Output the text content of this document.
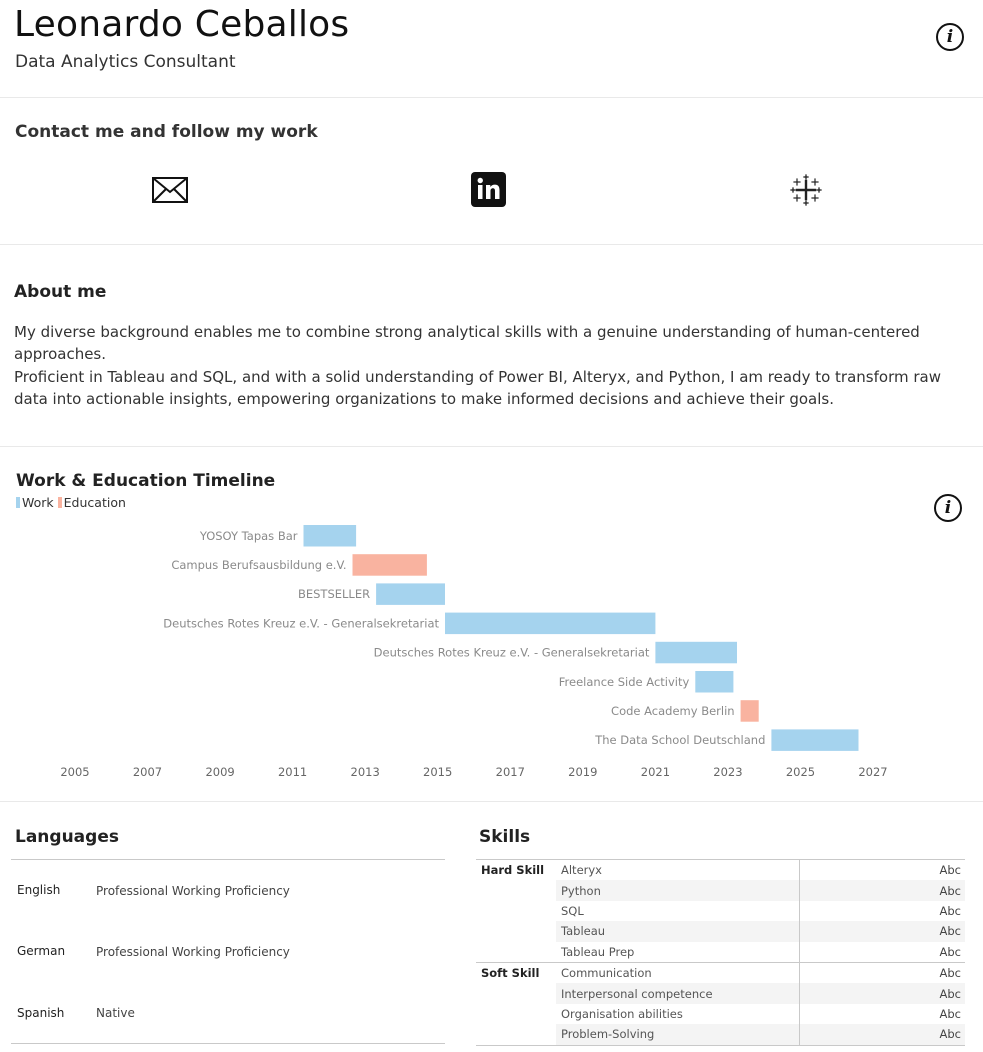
Leonardo Ceballos
Data Analytics Consultant
i
Contact me and follow my work
About me

My diverse background enables me to combine strong analytical skills with a genuine understanding of human-centered approaches.

Proficient in Tableau and SQL, and with a solid understanding of Power BI, Alteryx, and Python, I am ready to transform raw data into actionable insights, empowering organizations to make informed decisions and achieve their goals.

Work & Education Timeline
Work Education	i
YOSOY Tapas Bar
Campus Berufsausbildung e.V.
BESTSELLER
Deutsches Rotes Kreuz e.V. - Generalsekretariat
Deutsches Rotes Kreuz e.V. - Generalsekretariat
Freelance Side Activity
Code Academy Berlin
The Data School Deutschland
2005	2007	2009	2011	2013	2015	2017	2019	2021	2023	2025	2027
Languages
English	Professional Working Proficiency
German	Professional Working Proficiency
Spanish	Native
Skills
Hard Skill	Alteryx	Abc
Python	Abc
SQL	Abc
Tableau	Abc
Tableau Prep	Abc
Soft Skill	Communication	Abc
Interpersonal competence	Abc
Organisation abilities	Abc
Problem-Solving	Abc
